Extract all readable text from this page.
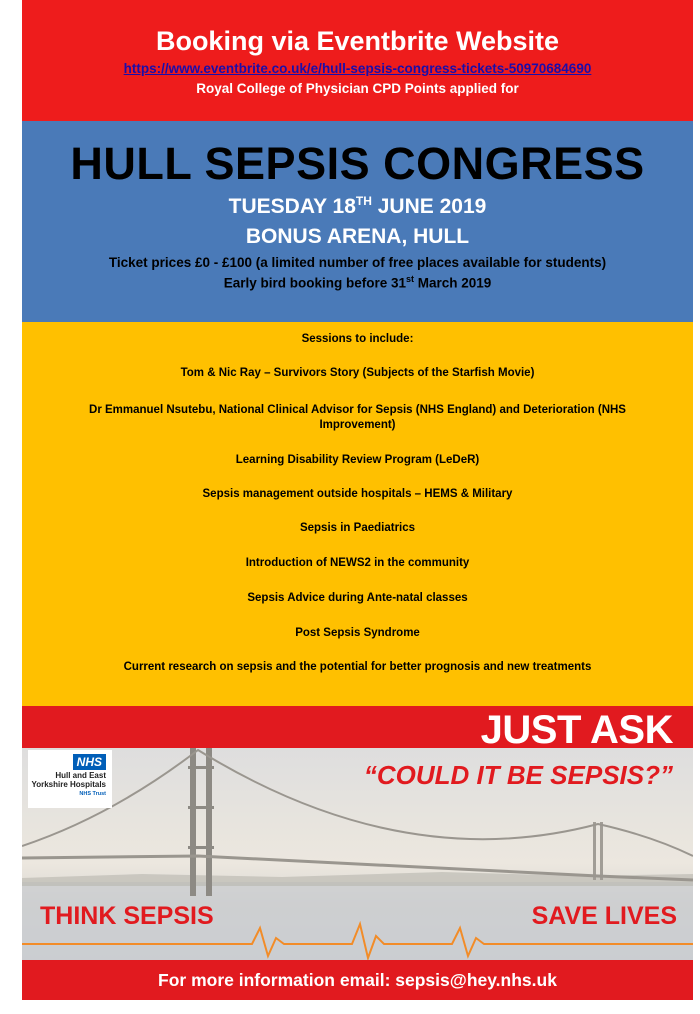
Booking via Eventbrite Website
https://www.eventbrite.co.uk/e/hull-sepsis-congress-tickets-50970684690
Royal College of Physician CPD Points applied for
HULL SEPSIS CONGRESS
TUESDAY 18TH JUNE 2019
BONUS ARENA, HULL
Ticket prices £0 - £100 (a limited number of free places available for students)
Early bird booking before 31st March 2019
Sessions to include:
Tom & Nic Ray – Survivors Story (Subjects of the Starfish Movie)
Dr Emmanuel Nsutebu, National Clinical Advisor for Sepsis (NHS England) and Deterioration (NHS Improvement)
Learning Disability Review Program (LeDeR)
Sepsis management outside hospitals – HEMS & Military
Sepsis in Paediatrics
Introduction of NEWS2 in the community
Sepsis Advice during Ante-natal classes
Post Sepsis Syndrome
Current research on sepsis and the potential for better prognosis and new treatments
JUST ASK
“COULD IT BE SEPSIS?”
NHS
Hull and East
Yorkshire Hospitals
NHS Trust
THINK SEPSIS	SAVE LIVES
For more information email: sepsis@hey.nhs.uk
